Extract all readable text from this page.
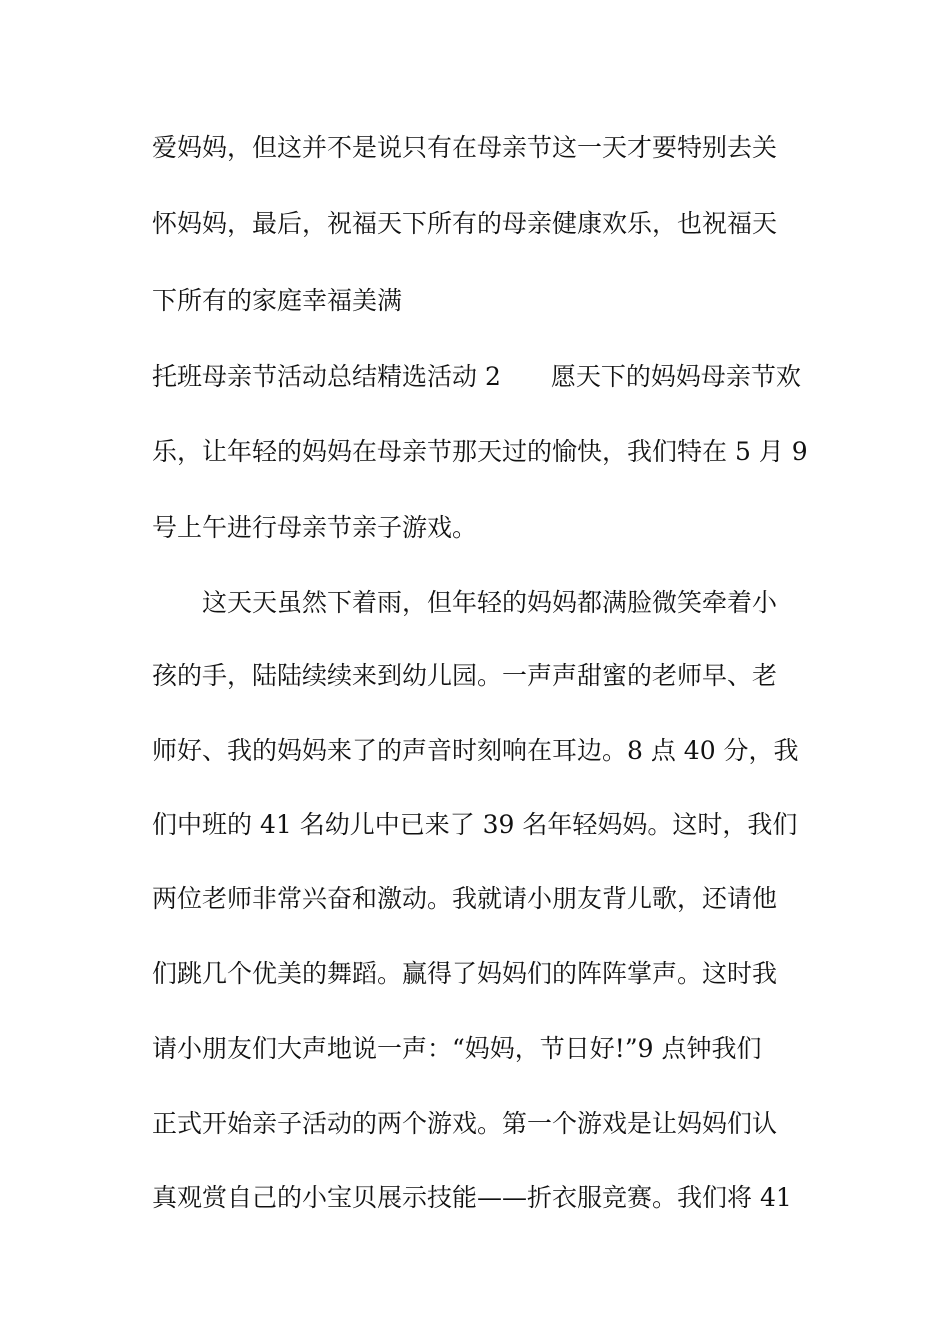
爱妈妈，但这并不是说只有在母亲节这一天才要特别去关

怀妈妈，最后，祝福天下所有的母亲健康欢乐，也祝福天

下所有的家庭幸福美满

托班母亲节活动总结精选活动 2　　愿天下的妈妈母亲节欢

乐，让年轻的妈妈在母亲节那天过的愉快，我们特在 5 月 9

号上午进行母亲节亲子游戏。

　　这天天虽然下着雨，但年轻的妈妈都满脸微笑牵着小

孩的手，陆陆续续来到幼儿园。一声声甜蜜的老师早、老

师好、我的妈妈来了的声音时刻响在耳边。8 点 40 分，我

们中班的 41 名幼儿中已来了 39 名年轻妈妈。这时，我们

两位老师非常兴奋和激动。我就请小朋友背儿歌，还请他

们跳几个优美的舞蹈。赢得了妈妈们的阵阵掌声。这时我

请小朋友们大声地说一声：“妈妈，节日好!”9 点钟我们

正式开始亲子活动的两个游戏。第一个游戏是让妈妈们认

真观赏自己的小宝贝展示技能——折衣服竞赛。我们将 41
